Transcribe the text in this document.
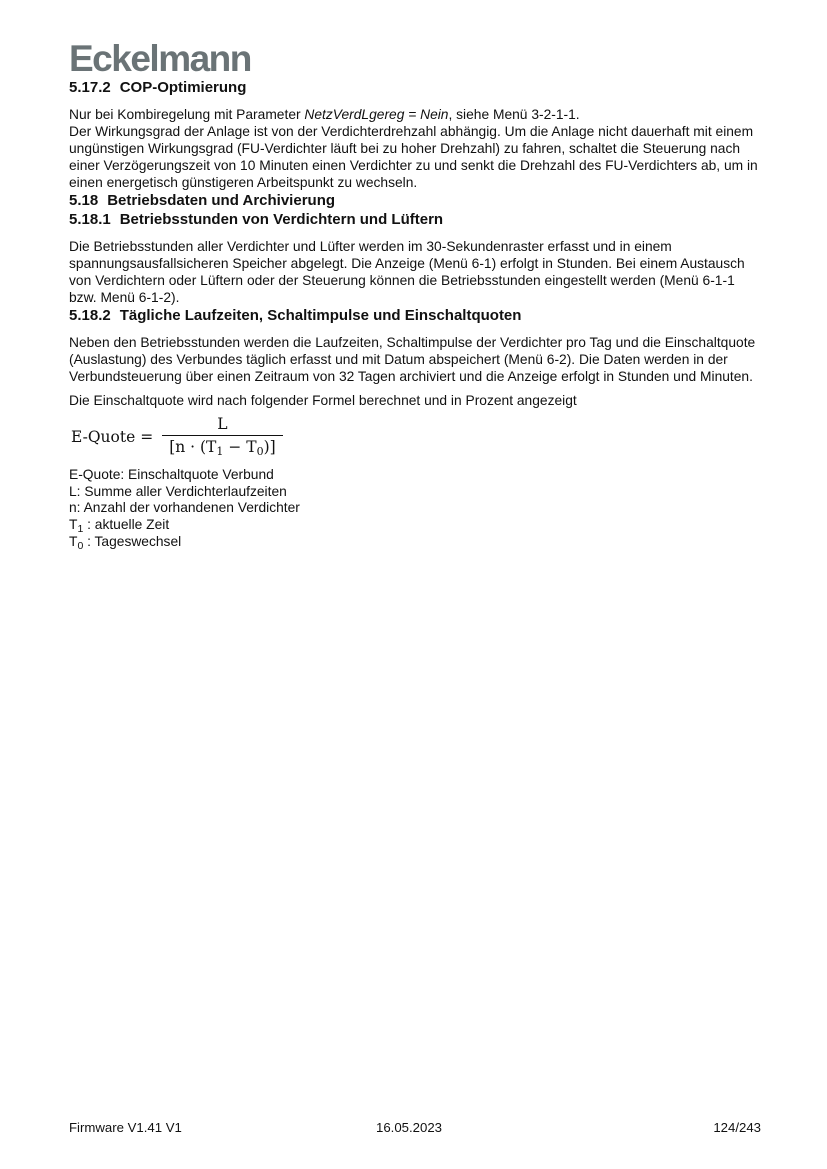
Eckelmann
5.17.2 COP-Optimierung

Nur bei Kombiregelung mit Parameter NetzVerdLgereg = Nein, siehe Menü 3-2-1-1.
Der Wirkungsgrad der Anlage ist von der Verdichterdrehzahl abhängig. Um die Anlage nicht dauerhaft mit einem ungünstigen Wirkungsgrad (FU-Verdichter läuft bei zu hoher Drehzahl) zu fahren, schaltet die Steuerung nach einer Verzögerungszeit von 10 Minuten einen Verdichter zu und senkt die Drehzahl des FU-Verdichters ab, um in einen energetisch günstigeren Arbeitspunkt zu wechseln.

5.18 Betriebsdaten und Archivierung
5.18.1 Betriebsstunden von Verdichtern und Lüftern

Die Betriebsstunden aller Verdichter und Lüfter werden im 30-Sekundenraster erfasst und in einem spannungsausfallsicheren Speicher abgelegt. Die Anzeige (Menü 6-1) erfolgt in Stunden. Bei einem Austausch von Verdichtern oder Lüftern oder der Steuerung können die Betriebsstunden eingestellt werden (Menü 6-1-1 bzw. Menü 6-1-2).

5.18.2 Tägliche Laufzeiten, Schaltimpulse und Einschaltquoten

Neben den Betriebsstunden werden die Laufzeiten, Schaltimpulse der Verdichter pro Tag und die Einschaltquote (Auslastung) des Verbundes täglich erfasst und mit Datum abspeichert (Menü 6-2). Die Daten werden in der Verbundsteuerung über einen Zeitraum von 32 Tagen archiviert und die Anzeige erfolgt in Stunden und Minuten.

Die Einschaltquote wird nach folgender Formel berechnet und in Prozent angezeigt

E-Quote = $\frac{L}{[n \cdot (T_1 - T_0)]}$
E-Quote: Einschaltquote Verbund
L: Summe aller Verdichterlaufzeiten
n: Anzahl der vorhandenen Verdichter
$T_1$ : aktuelle Zeit
$T_0$ : Tageswechsel
Firmware V1.41 V1	16.05.2023	124/243
